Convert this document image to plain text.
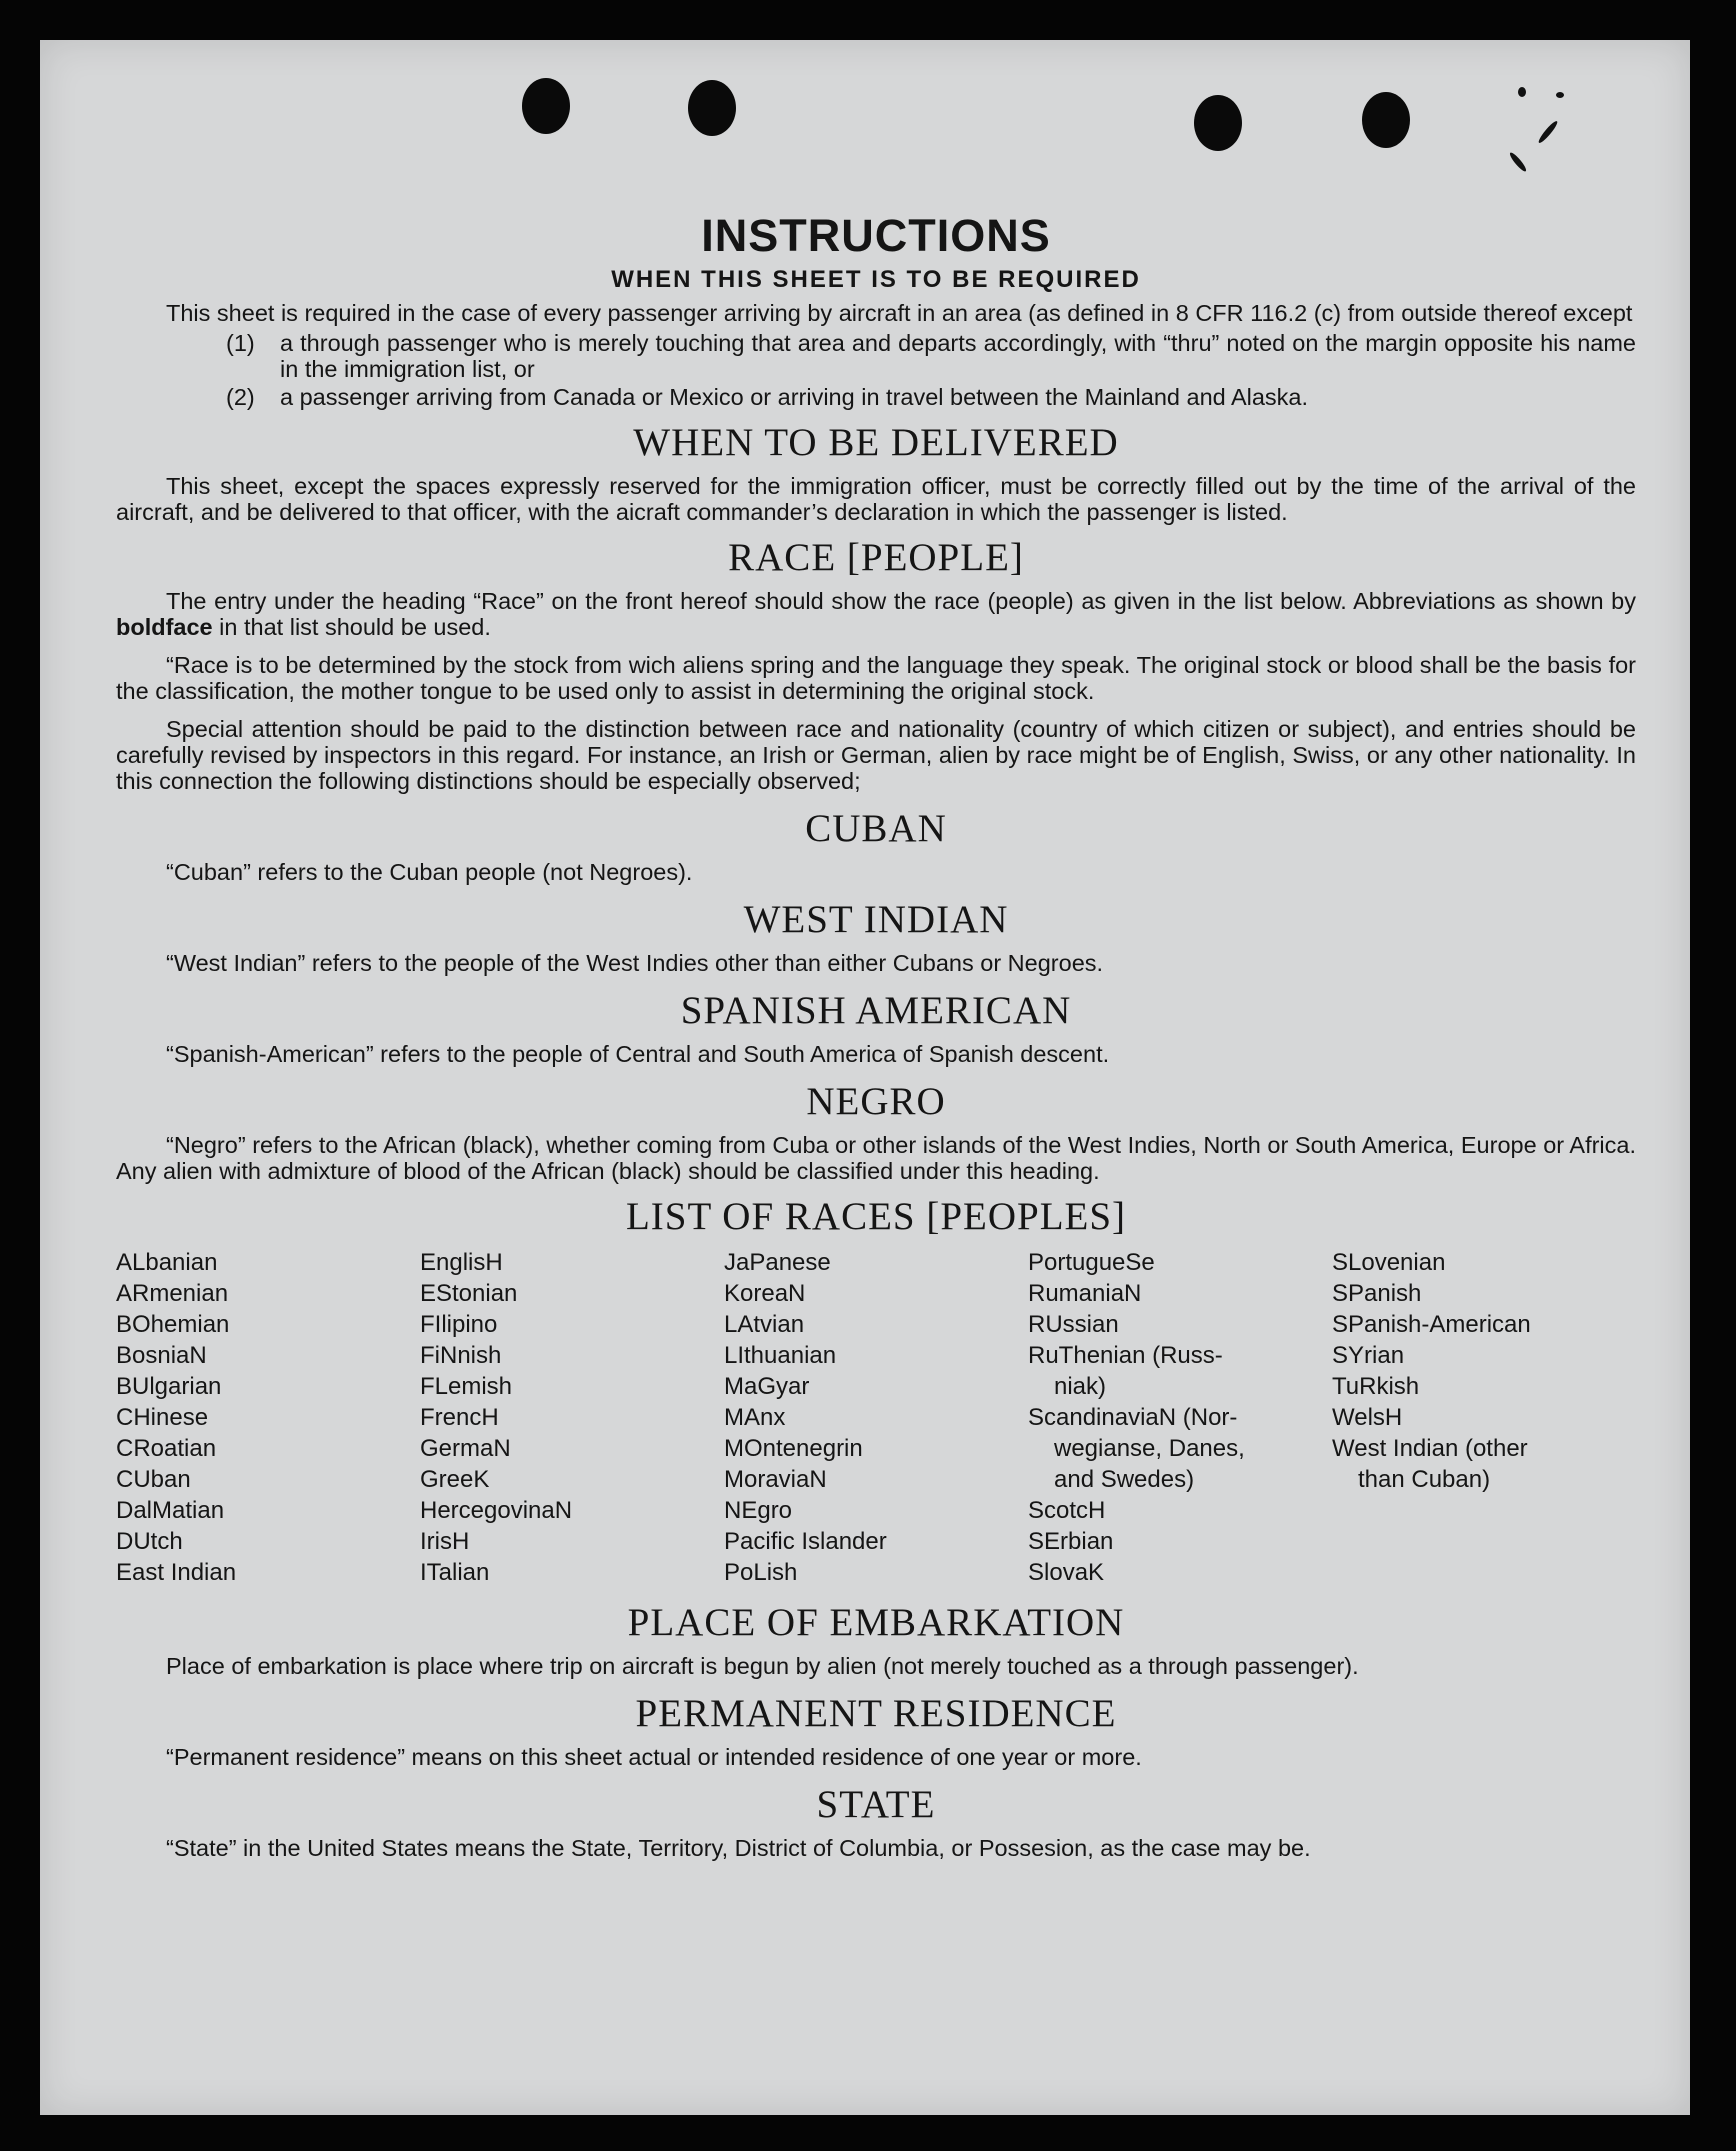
INSTRUCTIONS
WHEN THIS SHEET IS TO BE REQUIRED

This sheet is required in the case of every passenger arriving by aircraft in an area (as defined in 8 CFR 116.2 (c) from outside thereof except

(1)	a through passenger who is merely touching that area and departs accordingly, with “thru” noted on the margin opposite his name in the immigration list, or
(2)	a passenger arriving from Canada or Mexico or arriving in travel between the Mainland and Alaska.
WHEN TO BE DELIVERED

This sheet, except the spaces expressly reserved for the immigration officer, must be correctly filled out by the time of the arrival of the aircraft, and be delivered to that officer, with the aicraft commander’s declaration in which the passenger is listed.

RACE [PEOPLE]

The entry under the heading “Race” on the front hereof should show the race (people) as given in the list below. Abbreviations as shown by boldface in that list should be used.

“Race is to be determined by the stock from wich aliens spring and the language they speak. The original stock or blood shall be the basis for the classification, the mother tongue to be used only to assist in determining the original stock.

Special attention should be paid to the distinction between race and nationality (country of which citizen or subject), and entries should be carefully revised by inspectors in this regard. For instance, an Irish or German, alien by race might be of English, Swiss, or any other nationality. In this connection the following distinctions should be especially observed;

CUBAN

“Cuban” refers to the Cuban people (not Negroes).

WEST INDIAN

“West Indian” refers to the people of the West Indies other than either Cubans or Negroes.

SPANISH AMERICAN

“Spanish-American” refers to the people of Central and South America of Spanish descent.

NEGRO

“Negro” refers to the African (black), whether coming from Cuba or other islands of the West Indies, North or South America, Europe or Africa. Any alien with admixture of blood of the African (black) should be classified under this heading.

LIST OF RACES [PEOPLES]
ALbanian
ARmenian
BOhemian
BosniaN
BUlgarian
CHinese
CRoatian
CUban
DalMatian
DUtch
East Indian
EnglisH
EStonian
FIlipino
FiNnish
FLemish
FrencH
GermaN
GreeK
HercegovinaN
IrisH
ITalian
JaPanese
KoreaN
LAtvian
LIthuanian
MaGyar
MAnx
MOntenegrin
MoraviaN
NEgro
Pacific Islander
PoLish
PortugueSe
RumaniaN
RUssian
RuThenian (Russ-
niak)
ScandinaviaN (Nor-
wegianse, Danes,
and Swedes)
ScotcH
SErbian
SlovaK
SLovenian
SPanish
SPanish-American
SYrian
TuRkish
WelsH
West Indian (other
than Cuban)
PLACE OF EMBARKATION

Place of embarkation is place where trip on aircraft is begun by alien (not merely touched as a through passenger).

PERMANENT RESIDENCE

“Permanent residence” means on this sheet actual or intended residence of one year or more.

STATE

“State” in the United States means the State, Territory, District of Columbia, or Possesion, as the case may be.
